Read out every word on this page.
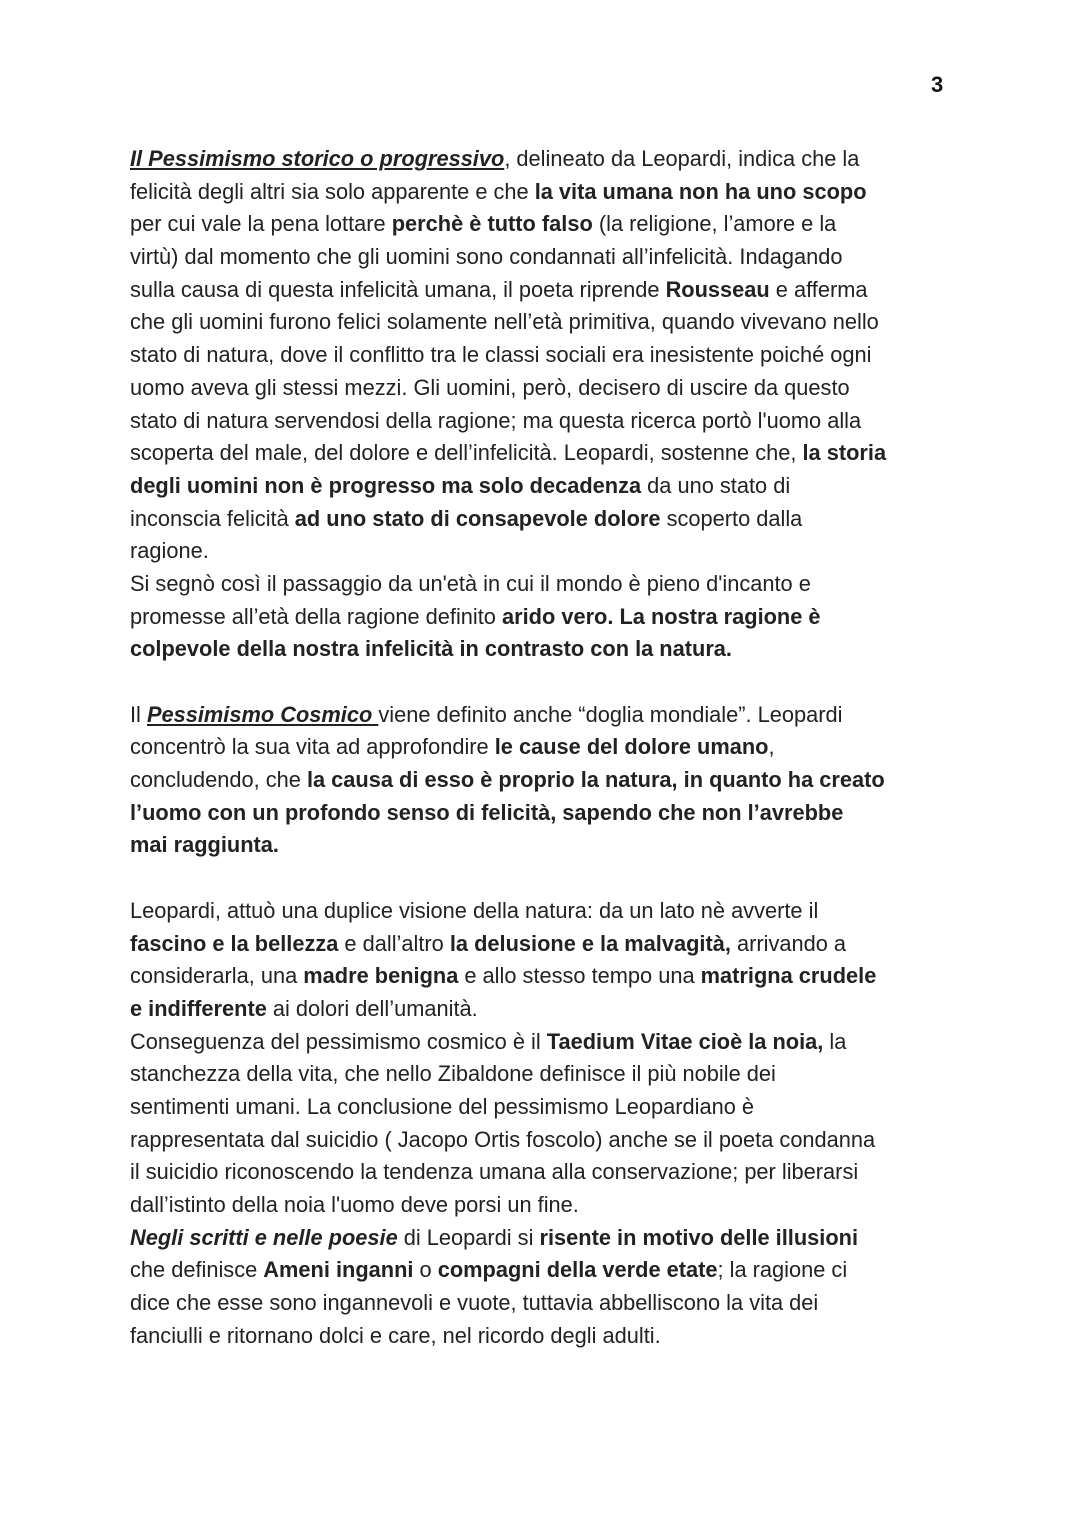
3
Il Pessimismo storico o progressivo, delineato da Leopardi, indica che la
felicità degli altri sia solo apparente e che la vita umana non ha uno scopo
per cui vale la pena lottare perchè è tutto falso (la religione, l’amore e la
virtù) dal momento che gli uomini sono condannati all’infelicità. Indagando
sulla causa di questa infelicità umana, il poeta riprende Rousseau e afferma
che gli uomini furono felici solamente nell’età primitiva, quando vivevano nello
stato di natura, dove il conflitto tra le classi sociali era inesistente poiché ogni
uomo aveva gli stessi mezzi. Gli uomini, però, decisero di uscire da questo
stato di natura servendosi della ragione; ma questa ricerca portò l'uomo alla
scoperta del male, del dolore e dell’infelicità. Leopardi, sostenne che, la storia
degli uomini non è progresso ma solo decadenza da uno stato di
inconscia felicità ad uno stato di consapevole dolore scoperto dalla
ragione.
Si segnò così il passaggio da un'età in cui il mondo è pieno d'incanto e
promesse all’età della ragione definito arido vero. La nostra ragione è
colpevole della nostra infelicità in contrasto con la natura.
Il Pessimismo Cosmico viene definito anche “doglia mondiale”. Leopardi
concentrò la sua vita ad approfondire le cause del dolore umano,
concludendo, che la causa di esso è proprio la natura, in quanto ha creato
l’uomo con un profondo senso di felicità, sapendo che non l’avrebbe
mai raggiunta.
Leopardi, attuò una duplice visione della natura: da un lato nè avverte il
fascino e la bellezza e dall’altro la delusione e la malvagità, arrivando a
considerarla, una madre benigna e allo stesso tempo una matrigna crudele
e indifferente ai dolori dell’umanità.
Conseguenza del pessimismo cosmico è il Taedium Vitae cioè la noia, la
stanchezza della vita, che nello Zibaldone definisce il più nobile dei
sentimenti umani. La conclusione del pessimismo Leopardiano è
rappresentata dal suicidio ( Jacopo Ortis foscolo) anche se il poeta condanna
il suicidio riconoscendo la tendenza umana alla conservazione; per liberarsi
dall’istinto della noia l'uomo deve porsi un fine.
Negli scritti e nelle poesie di Leopardi si risente in motivo delle illusioni
che definisce Ameni inganni o compagni della verde etate; la ragione ci
dice che esse sono ingannevoli e vuote, tuttavia abbelliscono la vita dei
fanciulli e ritornano dolci e care, nel ricordo degli adulti.
